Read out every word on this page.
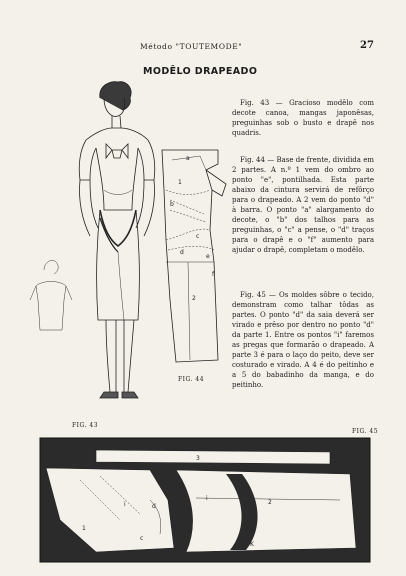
Método "TOUTEMODE"	27
MODÊLO DRAPEADO
a
1
2
b
c
d
e
f

Fig. 43 — Gracioso modêlo com decote canoa, mangas japonêsas, preguinhas sob o busto e drapê nos quadris.

Fig. 44 — Base de frente, dividida em 2 partes. A n.º 1 vem do ombro ao ponto "e", pontilhada. Esta parte abaixo da cintura servirá de refôrço para o drapeado. A 2 vem do ponto "d" à barra. O ponto "a" alargamento do decote, o "b" dos talhos para as preguinhas, o "c" a pense, o "d" traços para o drapê e o "f" aumento para ajudar o drapê, completam o modêlo.

Fig. 45 — Os moldes sôbre o tecido, demonstram como talhar tôdas as partes. O ponto "d" da saia deverá ser virado e prêso por dentro no ponto "d" da parte 1. Entre os pontos "i" faremos as pregas que formarão o drapeado. A parte 3 é para o laço do peito, deve ser costurado e virado. A 4 é do peitinho e a 5 do babadinho da manga, e do peitinho.

FIG. 43
FIG. 44
FIG. 45
3
1
i	d
c
2
K
i
